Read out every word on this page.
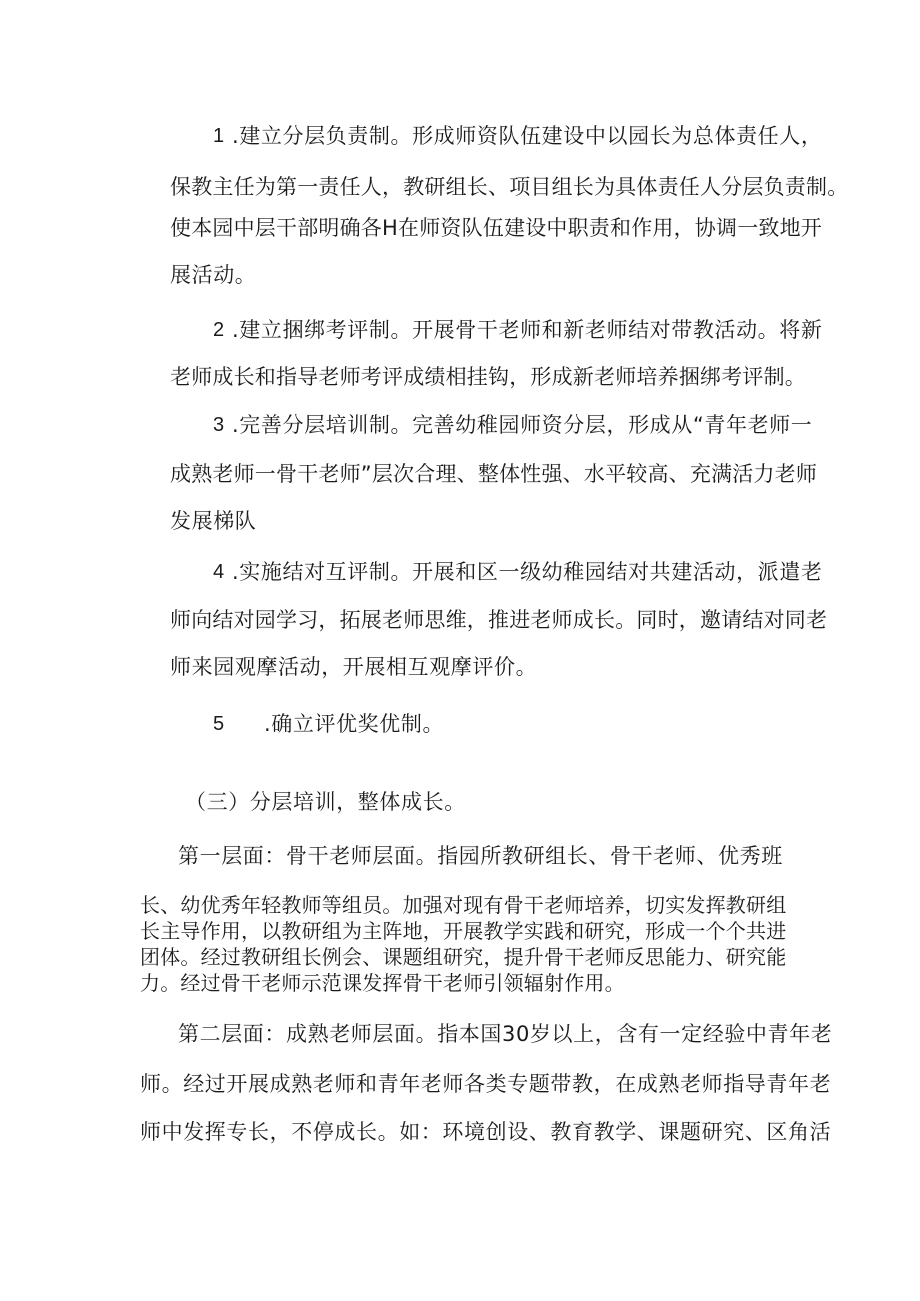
1 .建立分层负责制。形成师资队伍建设中以园长为总体责任人，
保教主任为第一责任人，教研组长、项目组长为具体责任人分层负责制。
使本园中层干部明确各H在师资队伍建设中职责和作用，协调一致地开
展活动。
2 .建立捆绑考评制。开展骨干老师和新老师结对带教活动。将新
老师成长和指导老师考评成绩相挂钩，形成新老师培养捆绑考评制。
3 .完善分层培训制。完善幼稚园师资分层，形成从“青年老师一
成熟老师一骨干老师”层次合理、整体性强、水平较高、充满活力老师
发展梯队
4 .实施结对互评制。开展和区一级幼稚园结对共建活动，派遣老
师向结对园学习，拓展老师思维，推进老师成长。同时，邀请结对同老
师来园观摩活动，开展相互观摩评价。
5 .确立评优奖优制。
（三）分层培训，整体成长。
第一层面：骨干老师层面。指园所教研组长、骨干老师、优秀班
长、幼优秀年轻教师等组员。加强对现有骨干老师培养，切实发挥教研组
长主导作用，以教研组为主阵地，开展教学实践和研究，形成一个个共进
团体。经过教研组长例会、课题组研究，提升骨干老师反思能力、研究能
力。经过骨干老师示范课发挥骨干老师引领辐射作用。
第二层面：成熟老师层面。指本国30岁以上，含有一定经验中青年老
师。经过开展成熟老师和青年老师各类专题带教，在成熟老师指导青年老
师中发挥专长，不停成长。如：环境创设、教育教学、课题研究、区角活
